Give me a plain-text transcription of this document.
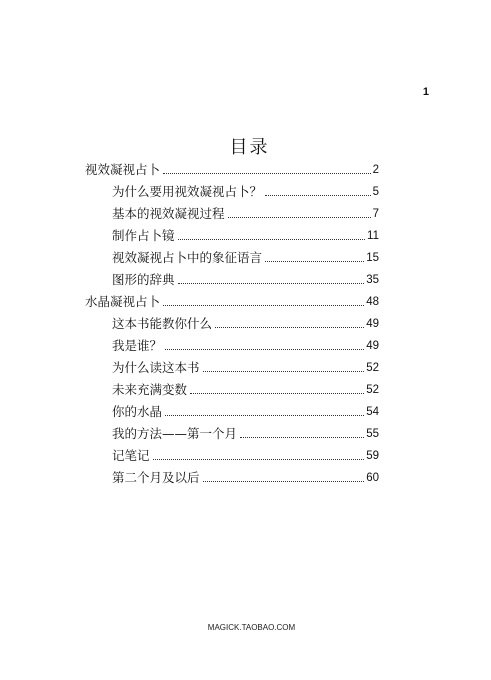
1
目录
视效凝视占卜	2
为什么要用视效凝视占卜？	5
基本的视效凝视过程	7
制作占卜镜	11
视效凝视占卜中的象征语言	15
图形的辞典	35
水晶凝视占卜	48
这本书能教你什么	49
我是谁？	49
为什么读这本书	52
未来充满变数	52
你的水晶	54
我的方法——第一个月	55
记笔记	59
第二个月及以后	60
MAGICK.TAOBAO.COM
